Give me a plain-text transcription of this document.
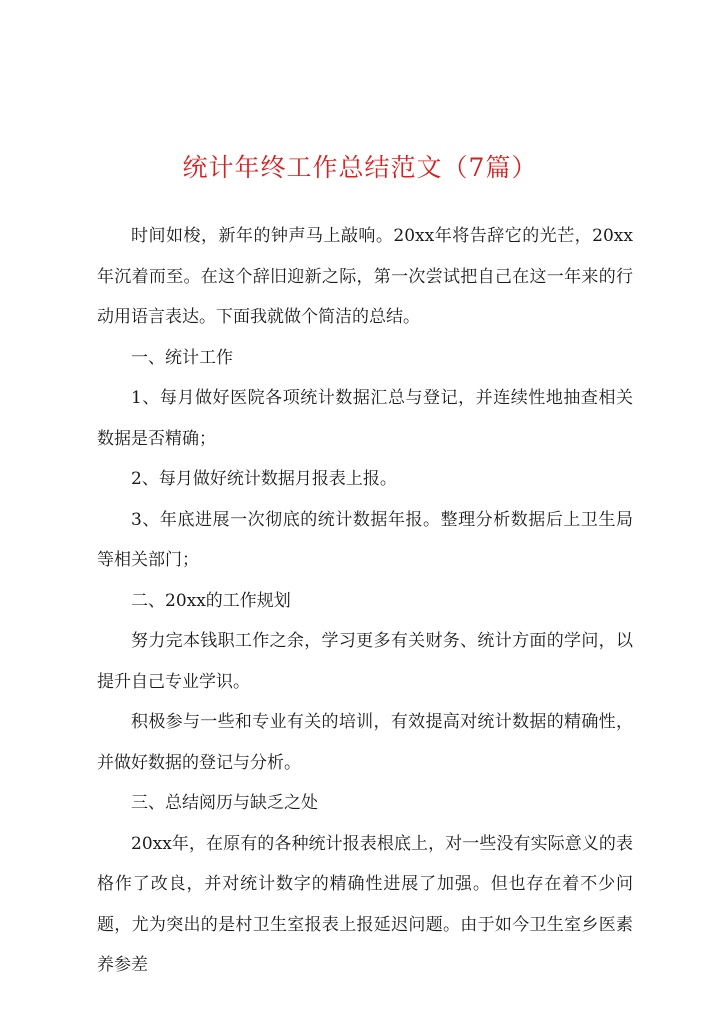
统计年终工作总结范文（7篇）

时间如梭，新年的钟声马上敲响。20xx年将告辞它的光芒，20xx年沉着而至。在这个辞旧迎新之际，第一次尝试把自己在这一年来的行动用语言表达。下面我就做个简洁的总结。

一、统计工作

1、每月做好医院各项统计数据汇总与登记，并连续性地抽查相关数据是否精确；

2、每月做好统计数据月报表上报。

3、年底进展一次彻底的统计数据年报。整理分析数据后上卫生局等相关部门；

二、20xx的工作规划

努力完本钱职工作之余，学习更多有关财务、统计方面的学问，以提升自己专业学识。

积极参与一些和专业有关的培训，有效提高对统计数据的精确性，并做好数据的登记与分析。

三、总结阅历与缺乏之处

20xx年，在原有的各种统计报表根底上，对一些没有实际意义的表格作了改良，并对统计数字的精确性进展了加强。但也存在着不少问题，尤为突出的是村卫生室报表上报延迟问题。由于如今卫生室乡医素养参差
